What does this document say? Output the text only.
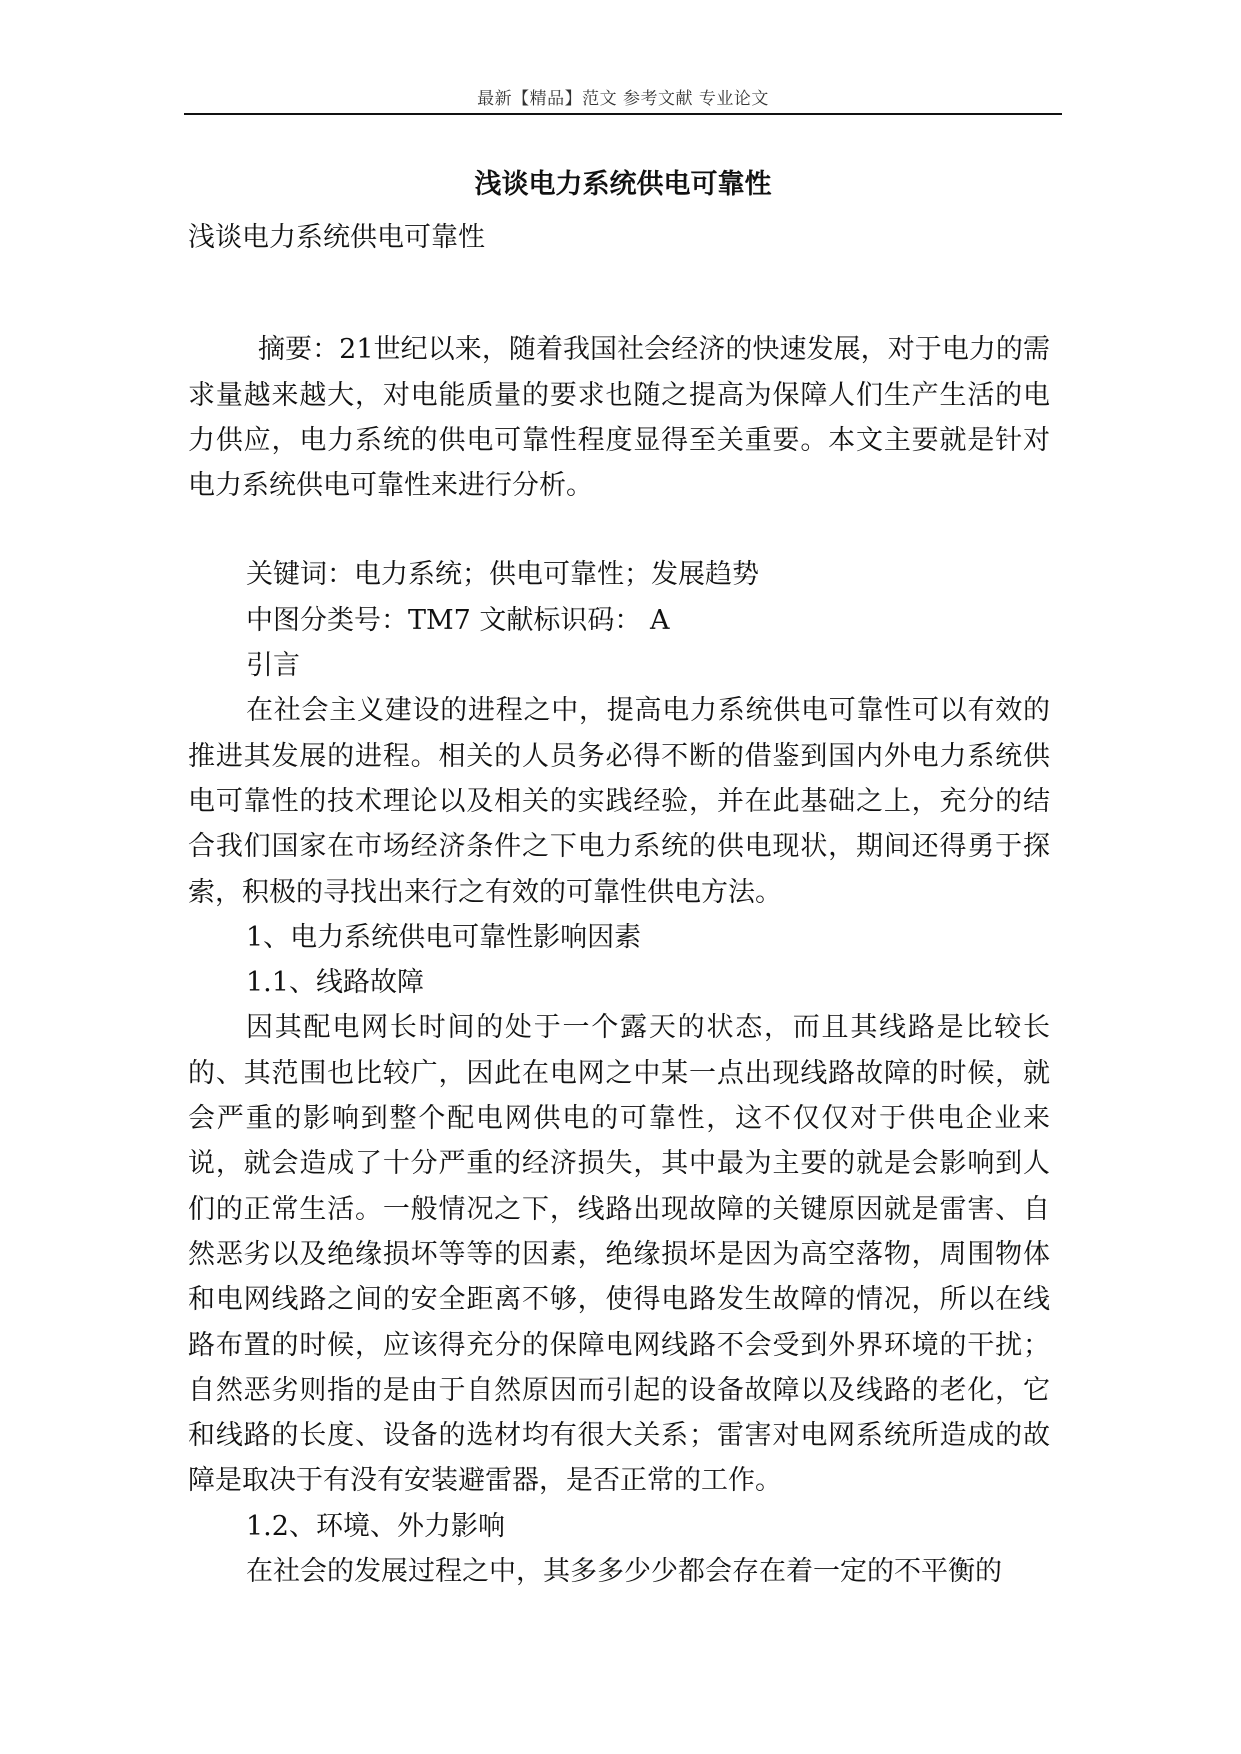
最新【精品】范文 参考文献 专业论文
浅谈电力系统供电可靠性

浅谈电力系统供电可靠性

摘要：21世纪以来，随着我国社会经济的快速发展，对于电力的需求量越来越大，对电能质量的要求也随之提高为保障人们生产生活的电力供应，电力系统的供电可靠性程度显得至关重要。本文主要就是针对电力系统供电可靠性来进行分析。

关键词：电力系统；供电可靠性；发展趋势

中图分类号：TM7 文献标识码： A

引言

在社会主义建设的进程之中，提高电力系统供电可靠性可以有效的推进其发展的进程。相关的人员务必得不断的借鉴到国内外电力系统供电可靠性的技术理论以及相关的实践经验，并在此基础之上，充分的结合我们国家在市场经济条件之下电力系统的供电现状，期间还得勇于探索，积极的寻找出来行之有效的可靠性供电方法。

1、电力系统供电可靠性影响因素

1.1、线路故障

因其配电网长时间的处于一个露天的状态，而且其线路是比较长的、其范围也比较广，因此在电网之中某一点出现线路故障的时候，就会严重的影响到整个配电网供电的可靠性，这不仅仅对于供电企业来说，就会造成了十分严重的经济损失，其中最为主要的就是会影响到人们的正常生活。一般情况之下，线路出现故障的关键原因就是雷害、自然恶劣以及绝缘损坏等等的因素，绝缘损坏是因为高空落物，周围物体和电网线路之间的安全距离不够，使得电路发生故障的情况，所以在线路布置的时候，应该得充分的保障电网线路不会受到外界环境的干扰；自然恶劣则指的是由于自然原因而引起的设备故障以及线路的老化，它和线路的长度、设备的选材均有很大关系；雷害对电网系统所造成的故障是取决于有没有安装避雷器，是否正常的工作。

1.2、环境、外力影响

在社会的发展过程之中，其多多少少都会存在着一定的不平衡的
